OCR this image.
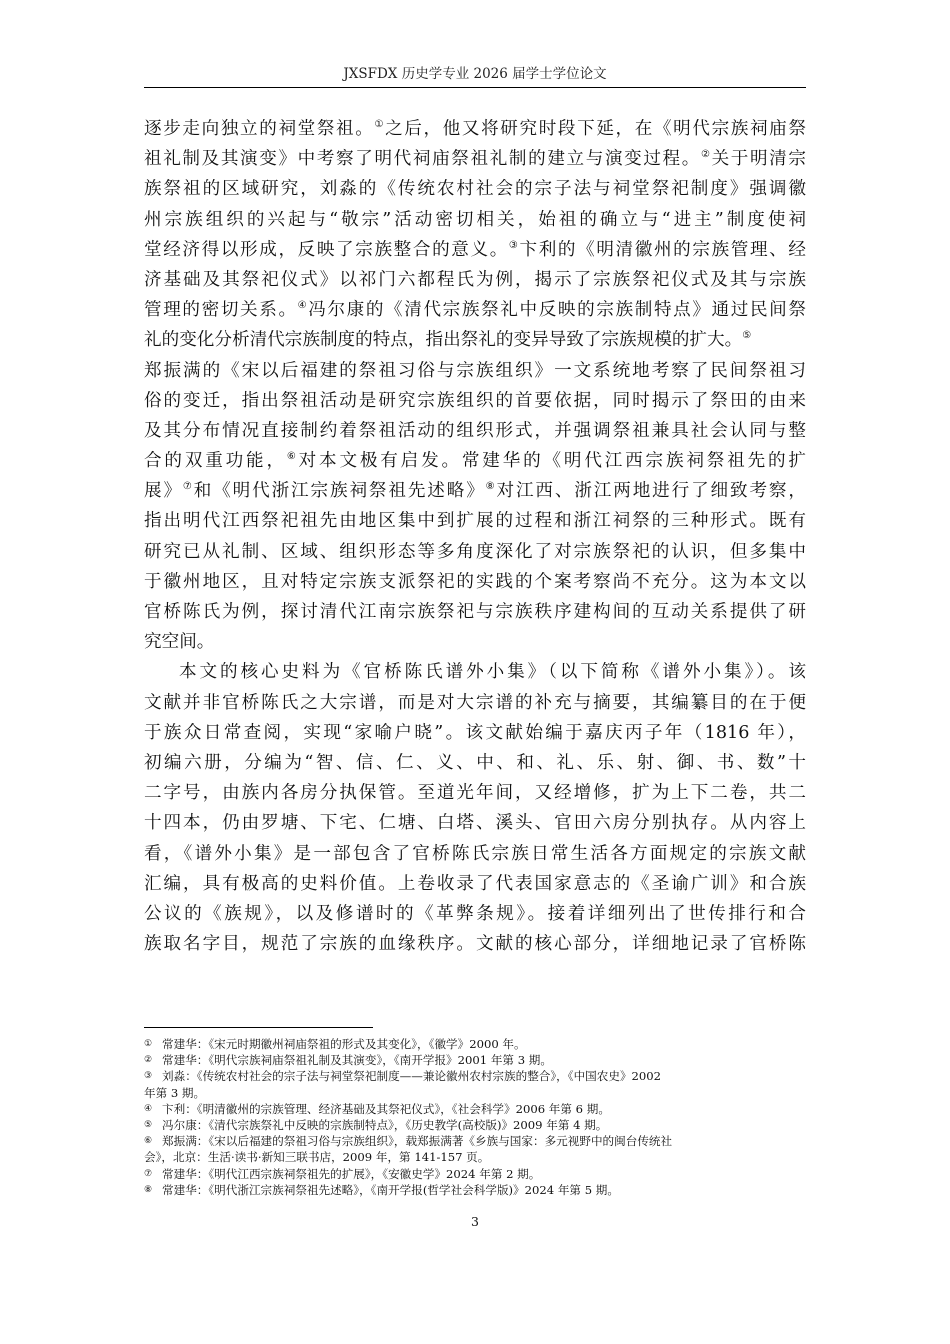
JXSFDX 历史学专业 2026 届学士学位论文
逐步走向独立的祠堂祭祖。①之后，他又将研究时段下延，在《明代宗族祠庙祭
祖礼制及其演变》中考察了明代祠庙祭祖礼制的建立与演变过程。②关于明清宗
族祭祖的区域研究，刘淼的《传统农村社会的宗子法与祠堂祭祀制度》强调徽
州宗族组织的兴起与“敬宗”活动密切相关，始祖的确立与“进主”制度使祠
堂经济得以形成，反映了宗族整合的意义。③卞利的《明清徽州的宗族管理、经
济基础及其祭祀仪式》以祁门六都程氏为例，揭示了宗族祭祀仪式及其与宗族
管理的密切关系。④冯尔康的《清代宗族祭礼中反映的宗族制特点》通过民间祭
礼的变化分析清代宗族制度的特点，指出祭礼的变异导致了宗族规模的扩大。⑤
郑振满的《宋以后福建的祭祖习俗与宗族组织》一文系统地考察了民间祭祖习
俗的变迁，指出祭祖活动是研究宗族组织的首要依据，同时揭示了祭田的由来
及其分布情况直接制约着祭祖活动的组织形式，并强调祭祖兼具社会认同与整
合的双重功能，⑥对本文极有启发。常建华的《明代江西宗族祠祭祖先的扩
展》⑦和《明代浙江宗族祠祭祖先述略》⑧对江西、浙江两地进行了细致考察，
指出明代江西祭祀祖先由地区集中到扩展的过程和浙江祠祭的三种形式。既有
研究已从礼制、区域、组织形态等多角度深化了对宗族祭祀的认识，但多集中
于徽州地区，且对特定宗族支派祭祀的实践的个案考察尚不充分。这为本文以
官桥陈氏为例，探讨清代江南宗族祭祀与宗族秩序建构间的互动关系提供了研
究空间。
本文的核心史料为《官桥陈氏谱外小集》（以下简称《谱外小集》）。该
文献并非官桥陈氏之大宗谱，而是对大宗谱的补充与摘要，其编纂目的在于便
于族众日常查阅，实现“家喻户晓”。该文献始编于嘉庆丙子年（1816 年），
初编六册，分编为“智、信、仁、义、中、和、礼、乐、射、御、书、数”十
二字号，由族内各房分执保管。至道光年间，又经增修，扩为上下二卷，共二
十四本，仍由罗塘、下宅、仁塘、白塔、溪头、官田六房分别执存。从内容上
看，《谱外小集》是一部包含了官桥陈氏宗族日常生活各方面规定的宗族文献
汇编，具有极高的史料价值。上卷收录了代表国家意志的《圣谕广训》和合族
公议的《族规》，以及修谱时的《革弊条规》。接着详细列出了世传排行和合
族取名字目，规范了宗族的血缘秩序。文献的核心部分，详细地记录了官桥陈
① 常建华：《宋元时期徽州祠庙祭祖的形式及其变化》，《徽学》2000 年。
② 常建华：《明代宗族祠庙祭祖礼制及其演变》，《南开学报》2001 年第 3 期。
③ 刘淼：《传统农村社会的宗子法与祠堂祭祀制度——兼论徽州农村宗族的整合》，《中国农史》2002
年第 3 期。
④ 卞利：《明清徽州的宗族管理、经济基础及其祭祀仪式》，《社会科学》2006 年第 6 期。
⑤ 冯尔康：《清代宗族祭礼中反映的宗族制特点》，《历史教学(高校版)》2009 年第 4 期。
⑥ 郑振满：《宋以后福建的祭祖习俗与宗族组织》，载郑振满著《乡族与国家：多元视野中的闽台传统社
会》，北京：生活·读书·新知三联书店，2009 年，第 141-157 页。
⑦ 常建华：《明代江西宗族祠祭祖先的扩展》，《安徽史学》2024 年第 2 期。
⑧ 常建华：《明代浙江宗族祠祭祖先述略》，《南开学报(哲学社会科学版)》2024 年第 5 期。
3
